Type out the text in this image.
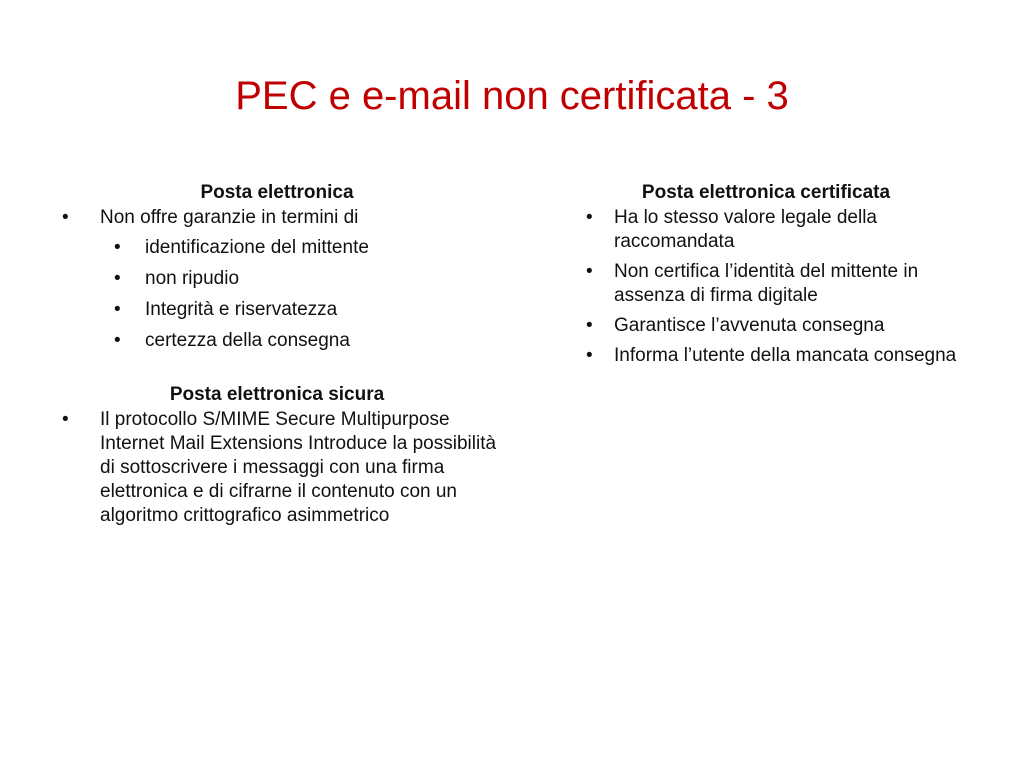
PEC e e-mail non certificata - 3

Posta elettronica

• Non offre garanzie in termini di
• identificazione del mittente
• non ripudio
• Integrità e riservatezza
• certezza della consegna

Posta elettronica sicura

• Il protocollo S/MIME Secure Multipurpose Internet Mail Extensions Introduce la possibilità di sottoscrivere i messaggi con una firma elettronica e di cifrarne il contenuto con un algoritmo crittografico asimmetrico

Posta elettronica certificata

• Ha lo stesso valore legale della raccomandata
• Non certifica l’identità del mittente in assenza di firma digitale
• Garantisce l’avvenuta consegna
• Informa l’utente della mancata consegna
